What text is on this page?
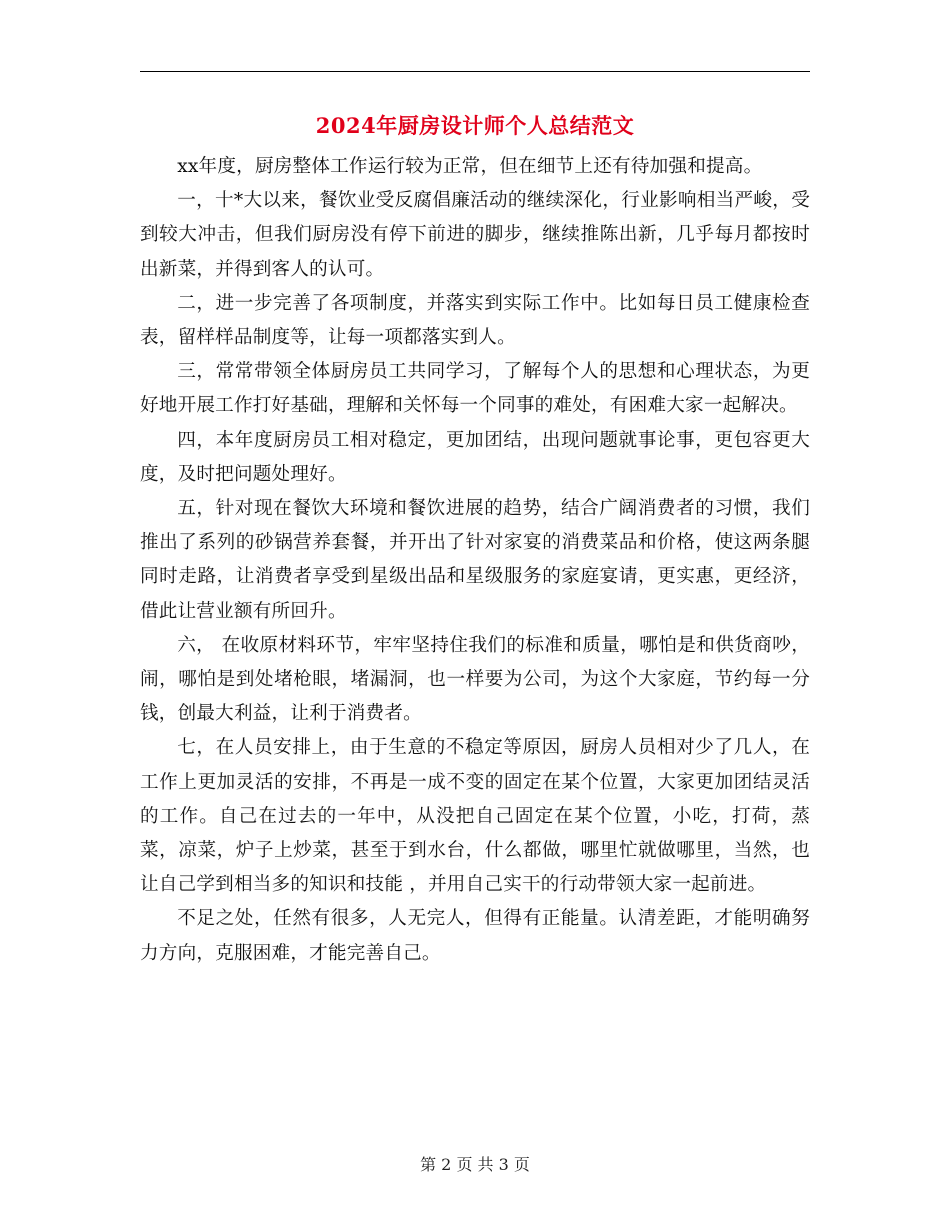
2024年厨房设计师个人总结范文

xx年度，厨房整体工作运行较为正常，但在细节上还有待加强和提高。

一，十*大以来，餐饮业受反腐倡廉活动的继续深化，行业影响相当严峻，受到较大冲击，但我们厨房没有停下前进的脚步，继续推陈出新，几乎每月都按时出新菜，并得到客人的认可。

二，进一步完善了各项制度，并落实到实际工作中。比如每日员工健康检查表，留样样品制度等，让每一项都落实到人。

三，常常带领全体厨房员工共同学习，了解每个人的思想和心理状态，为更好地开展工作打好基础，理解和关怀每一个同事的难处，有困难大家一起解决。

四，本年度厨房员工相对稳定，更加团结，出现问题就事论事，更包容更大度，及时把问题处理好。

五，针对现在餐饮大环境和餐饮进展的趋势，结合广阔消费者的习惯，我们推出了系列的砂锅营养套餐，并开出了针对家宴的消费菜品和价格，使这两条腿同时走路，让消费者享受到星级出品和星级服务的家庭宴请，更实惠，更经济，借此让营业额有所回升。

六， 在收原材料环节，牢牢坚持住我们的标准和质量，哪怕是和供货商吵，闹，哪怕是到处堵枪眼，堵漏洞，也一样要为公司，为这个大家庭，节约每一分钱，创最大利益，让利于消费者。

七，在人员安排上，由于生意的不稳定等原因，厨房人员相对少了几人，在工作上更加灵活的安排，不再是一成不变的固定在某个位置，大家更加团结灵活的工作。自己在过去的一年中，从没把自己固定在某个位置，小吃，打荷，蒸菜，凉菜，炉子上炒菜，甚至于到水台，什么都做，哪里忙就做哪里，当然，也让自己学到相当多的知识和技能 ，并用自己实干的行动带领大家一起前进。

不足之处，任然有很多，人无完人，但得有正能量。认清差距，才能明确努力方向，克服困难，才能完善自己。

第 2 页 共 3 页
